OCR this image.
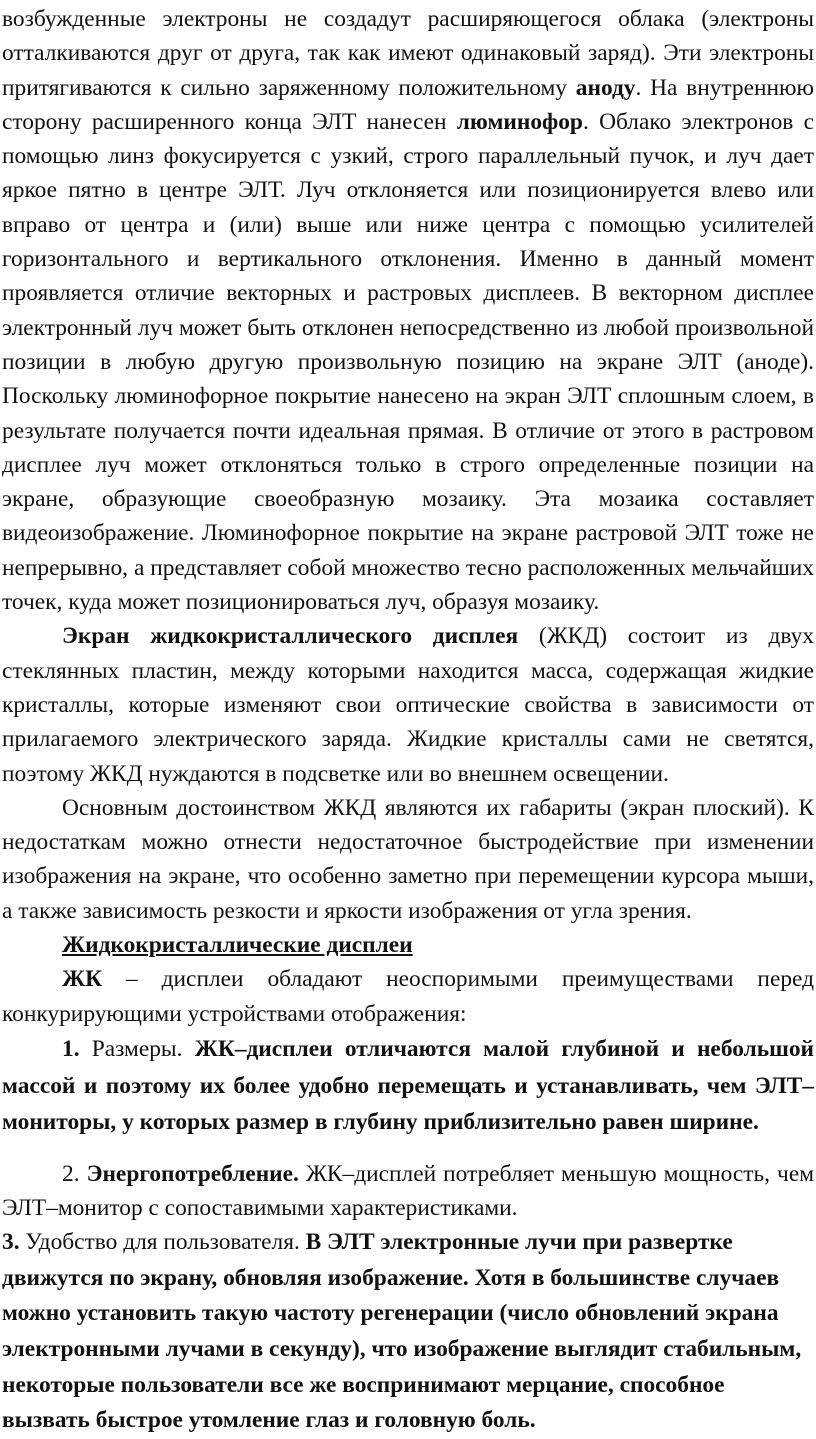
возбужденные электроны не создадут расширяющегося облака (электроны отталкиваются друг от друга, так как имеют одинаковый заряд). Эти электроны притягиваются к сильно заряженному положительному аноду. На внутреннюю сторону расширенного конца ЭЛТ нанесен люминофор. Облако электронов с помощью линз фокусируется с узкий, строго параллельный пучок, и луч дает яркое пятно в центре ЭЛТ. Луч отклоняется или позиционируется влево или вправо от центра и (или) выше или ниже центра с помощью усилителей горизонтального и вертикального отклонения. Именно в данный момент проявляется отличие векторных и растровых дисплеев. В векторном дисплее электронный луч может быть отклонен непосредственно из любой произвольной позиции в любую другую произвольную позицию на экране ЭЛТ (аноде). Поскольку люминофорное покрытие нанесено на экран ЭЛТ сплошным слоем, в результате получается почти идеальная прямая. В отличие от этого в растровом дисплее луч может отклоняться только в строго определенные позиции на экране, образующие своеобразную мозаику. Эта мозаика составляет видеоизображение. Люминофорное покрытие на экране растровой ЭЛТ тоже не непрерывно, а представляет собой множество тесно расположенных мельчайших точек, куда может позиционироваться луч, образуя мозаику.

Экран жидкокристаллического дисплея (ЖКД) состоит из двух стеклянных пластин, между которыми находится масса, содержащая жидкие кристаллы, которые изменяют свои оптические свойства в зависимости от прилагаемого электрического заряда. Жидкие кристаллы сами не светятся, поэтому ЖКД нуждаются в подсветке или во внешнем освещении.

Основным достоинством ЖКД являются их габариты (экран плоский). К недостаткам можно отнести недостаточное быстродействие при изменении изображения на экране, что особенно заметно при перемещении курсора мыши, а также зависимость резкости и яркости изображения от угла зрения.

Жидкокристаллические дисплеи

ЖК – дисплеи обладают неоспоримыми преимуществами перед конкурирующими устройствами отображения:

1. Размеры. ЖК–дисплеи отличаются малой глубиной и небольшой массой и поэтому их более удобно перемещать и устанавливать, чем ЭЛТ–мониторы, у которых размер в глубину приблизительно равен ширине.

2. Энергопотребление. ЖК–дисплей потребляет меньшую мощность, чем ЭЛТ–монитор с сопоставимыми характеристиками.

3. Удобство для пользователя. В ЭЛТ электронные лучи при развертке движутся по экрану, обновляя изображение. Хотя в большинстве случаев можно установить такую частоту регенерации (число обновлений экрана электронными лучами в секунду), что изображение выглядит стабильным, некоторые пользователи все же воспринимают мерцание, способное вызвать быстрое утомление глаз и головную боль.
